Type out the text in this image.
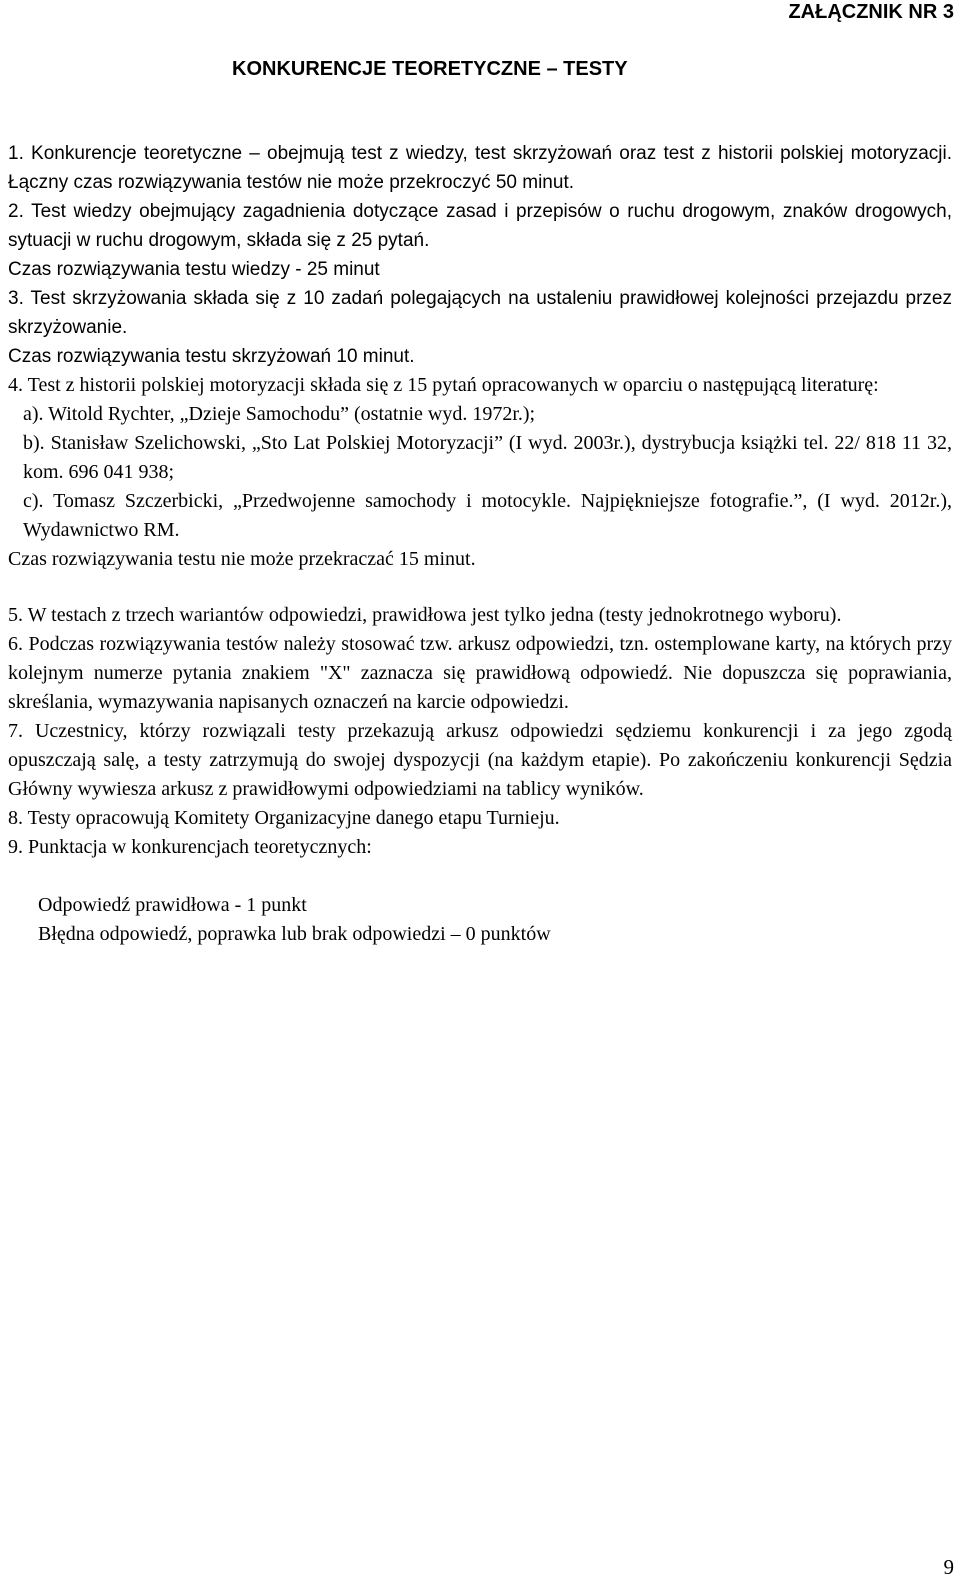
ZAŁĄCZNIK NR 3
KONKURENCJE TEORETYCZNE – TESTY

1. Konkurencje teoretyczne – obejmują test z wiedzy, test skrzyżowań oraz test z historii polskiej motoryzacji. Łączny czas rozwiązywania testów nie może przekroczyć 50 minut.

2. Test wiedzy obejmujący zagadnienia dotyczące zasad i przepisów o ruchu drogowym, znaków drogowych, sytuacji w ruchu drogowym, składa się z 25 pytań.

Czas rozwiązywania testu wiedzy - 25 minut

3. Test skrzyżowania składa się z 10 zadań polegających na ustaleniu prawidłowej kolejności przejazdu przez skrzyżowanie.

Czas rozwiązywania testu skrzyżowań 10 minut.

4. Test z historii polskiej motoryzacji składa się z 15 pytań opracowanych w oparciu o następującą literaturę:

a). Witold Rychter, „Dzieje Samochodu” (ostatnie wyd. 1972r.);

b). Stanisław Szelichowski, „Sto Lat Polskiej Motoryzacji” (I wyd. 2003r.), dystrybucja książki tel. 22/ 818 11 32, kom. 696 041 938;

c). Tomasz Szczerbicki, „Przedwojenne samochody i motocykle. Najpiękniejsze fotografie.”, (I wyd. 2012r.), Wydawnictwo RM.

Czas rozwiązywania testu nie może przekraczać 15 minut.

5. W testach z trzech wariantów odpowiedzi, prawidłowa jest tylko jedna (testy jednokrotnego wyboru).

6. Podczas rozwiązywania testów należy stosować tzw. arkusz odpowiedzi, tzn. ostemplowane karty, na których przy kolejnym numerze pytania znakiem "X" zaznacza się prawidłową odpowiedź. Nie dopuszcza się poprawiania, skreślania, wymazywania napisanych oznaczeń na karcie odpowiedzi.

7. Uczestnicy, którzy rozwiązali testy przekazują arkusz odpowiedzi sędziemu konkurencji i za jego zgodą opuszczają salę, a testy zatrzymują do swojej dyspozycji (na każdym etapie). Po zakończeniu konkurencji Sędzia Główny wywiesza arkusz z prawidłowymi odpowiedziami na tablicy wyników.

8. Testy opracowują Komitety Organizacyjne danego etapu Turnieju.

9. Punktacja w konkurencjach teoretycznych:

Odpowiedź prawidłowa - 1 punkt

Błędna odpowiedź, poprawka lub brak odpowiedzi – 0 punktów

9
